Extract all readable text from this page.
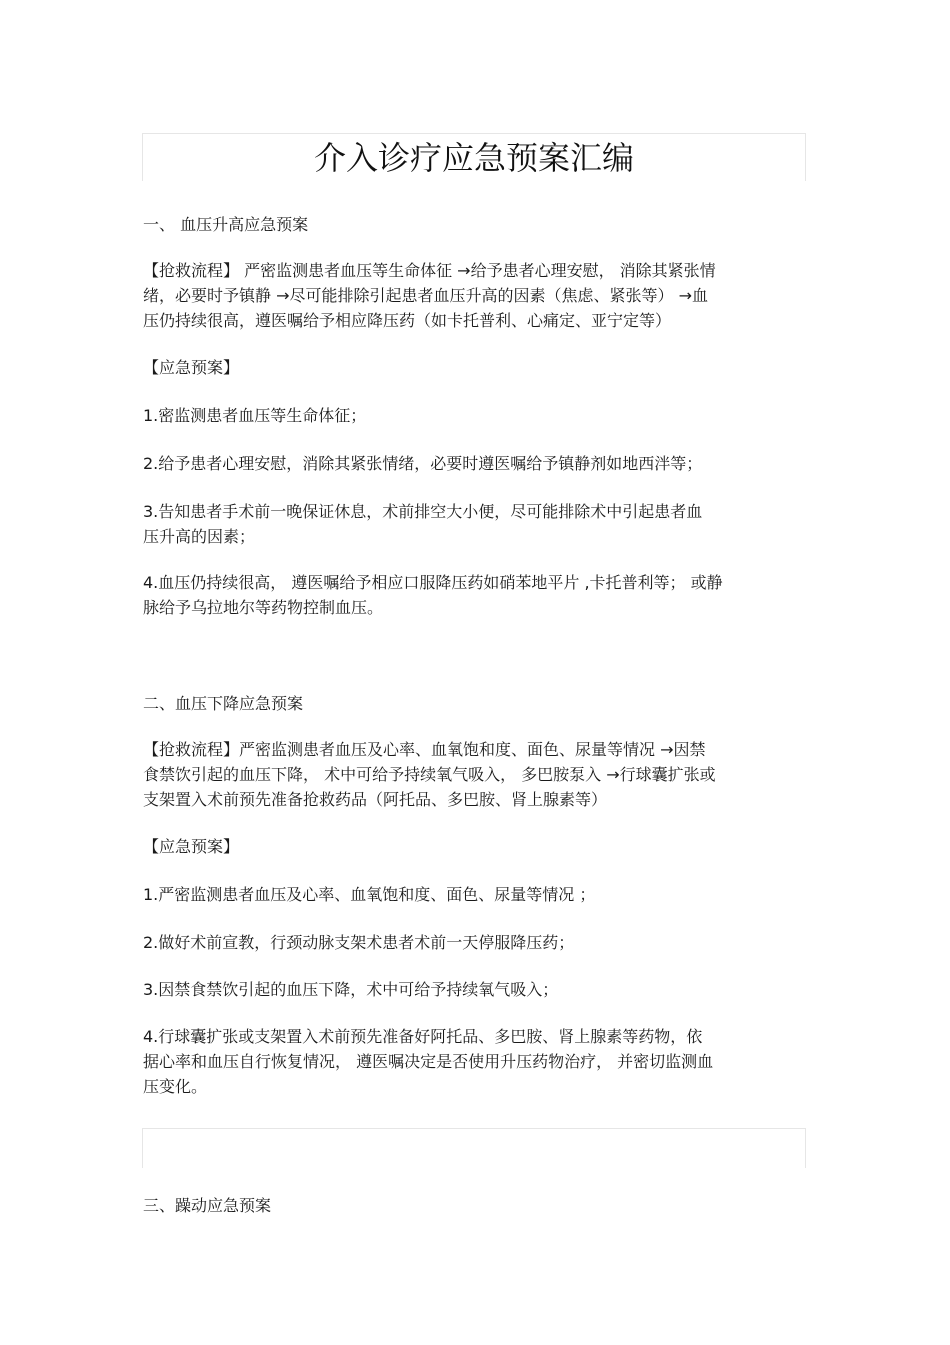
介入诊疗应急预案汇编

一、 血压升高应急预案

【抢救流程】 严密监测患者血压等生命体征 →给予患者心理安慰， 消除其紧张情
绪，必要时予镇静 →尽可能排除引起患者血压升高的因素（焦虑、紧张等） →血
压仍持续很高，遵医嘱给予相应降压药（如卡托普利、心痛定、亚宁定等）

【应急预案】

1.密监测患者血压等生命体征；

2.给予患者心理安慰，消除其紧张情绪，必要时遵医嘱给予镇静剂如地西泮等；

3.告知患者手术前一晚保证休息，术前排空大小便，尽可能排除术中引起患者血
压升高的因素；

4.血压仍持续很高， 遵医嘱给予相应口服降压药如硝苯地平片 ,卡托普利等； 或静
脉给予乌拉地尔等药物控制血压。

二、血压下降应急预案

【抢救流程】严密监测患者血压及心率、血氧饱和度、面色、尿量等情况 →因禁
食禁饮引起的血压下降， 术中可给予持续氧气吸入， 多巴胺泵入 →行球囊扩张或
支架置入术前预先准备抢救药品（阿托品、多巴胺、肾上腺素等）

【应急预案】

1.严密监测患者血压及心率、血氧饱和度、面色、尿量等情况 ；

2.做好术前宣教，行颈动脉支架术患者术前一天停服降压药；

3.因禁食禁饮引起的血压下降，术中可给予持续氧气吸入；

4.行球囊扩张或支架置入术前预先准备好阿托品、多巴胺、肾上腺素等药物，依
据心率和血压自行恢复情况， 遵医嘱决定是否使用升压药物治疗， 并密切监测血
压变化。

三、躁动应急预案
